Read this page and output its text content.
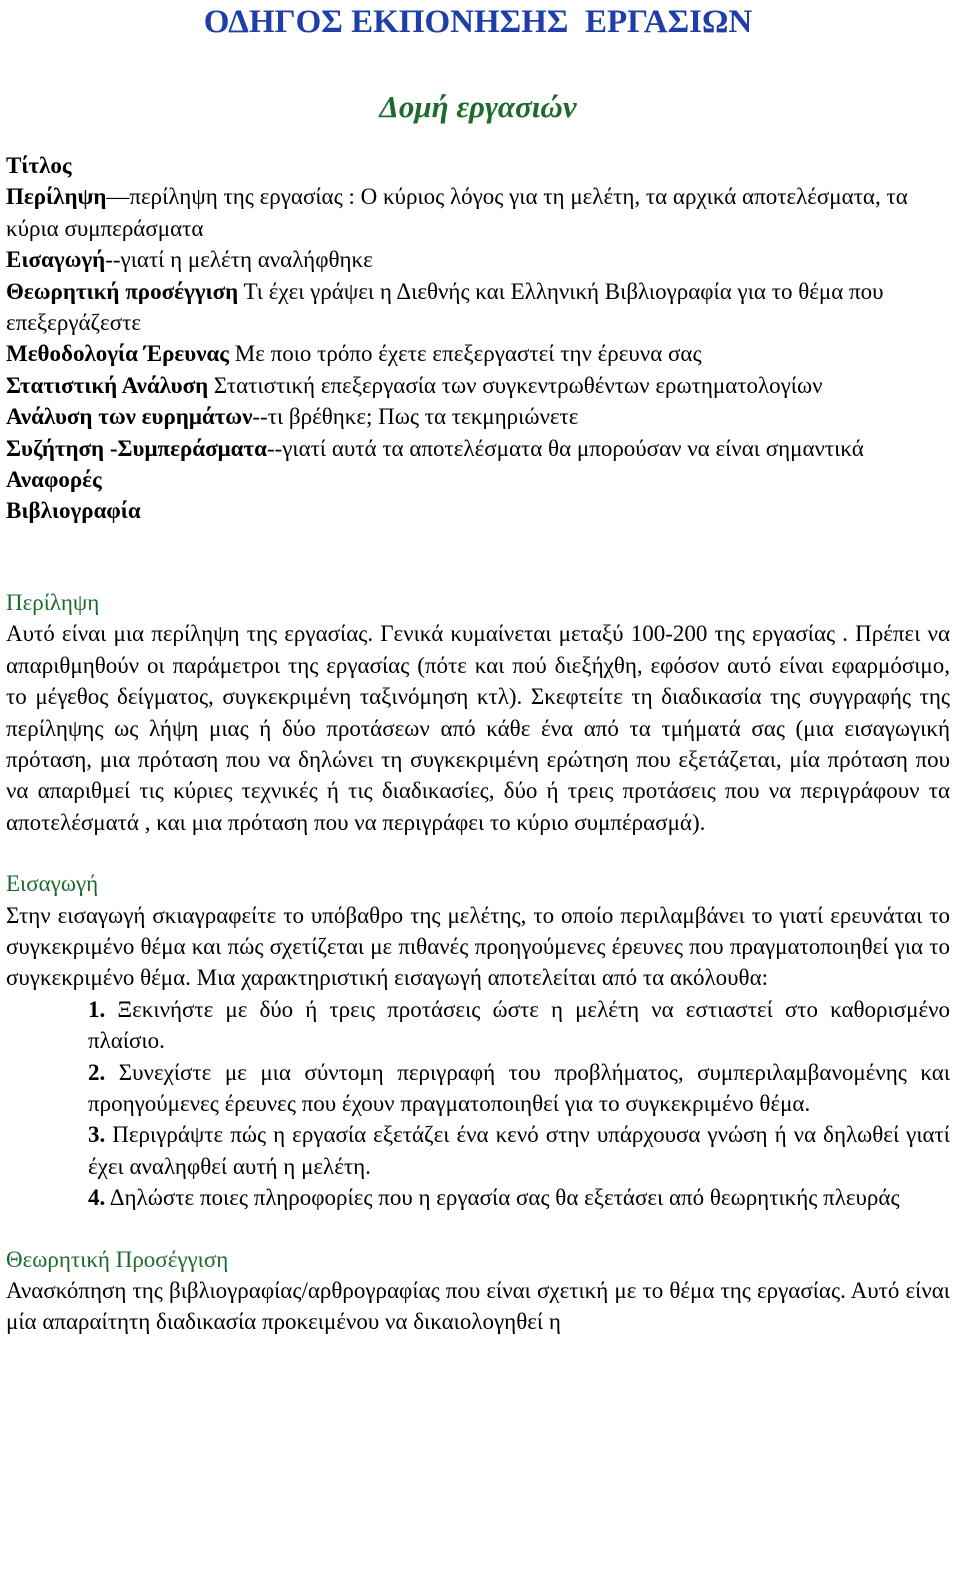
ΟΔΗΓΟΣ ΕΚΠΟΝΗΣΗΣ  ΕΡΓΑΣΙΩΝ
Δομή εργασιών

Τίτλος

Περίληψη—περίληψη της εργασίας : Ο κύριος λόγος για τη μελέτη, τα αρχικά αποτελέσματα, τα κύρια συμπεράσματα

Εισαγωγή--γιατί η μελέτη αναλήφθηκε

Θεωρητική προσέγγιση Τι έχει γράψει η Διεθνής και Ελληνική Βιβλιογραφία για το θέμα που επεξεργάζεστε

Μεθοδολογία Έρευνας Με ποιο τρόπο έχετε επεξεργαστεί την έρευνα σας

Στατιστική Ανάλυση Στατιστική επεξεργασία των συγκεντρωθέντων ερωτηματολογίων

Ανάλυση των ευρημάτων--τι βρέθηκε; Πως τα τεκμηριώνετε

Συζήτηση -Συμπεράσματα--γιατί αυτά τα αποτελέσματα θα μπορούσαν να είναι σημαντικά

Αναφορές

Βιβλιογραφία

Περίληψη

Αυτό είναι μια περίληψη της εργασίας. Γενικά κυμαίνεται μεταξύ 100-200 της εργασίας . Πρέπει να απαριθμηθούν οι παράμετροι της εργασίας (πότε και πού διεξήχθη, εφόσον αυτό είναι εφαρμόσιμο, το μέγεθος δείγματος, συγκεκριμένη ταξινόμηση κτλ). Σκεφτείτε τη διαδικασία της συγγραφής της περίληψης ως λήψη μιας ή δύο προτάσεων από κάθε ένα από τα τμήματά σας (μια εισαγωγική πρόταση, μια πρόταση που να δηλώνει τη συγκεκριμένη ερώτηση που εξετάζεται, μία πρόταση που να απαριθμεί τις κύριες τεχνικές ή τις διαδικασίες, δύο ή τρεις προτάσεις που να περιγράφουν τα αποτελέσματά , και μια πρόταση που να περιγράφει το κύριο συμπέρασμά).

Εισαγωγή

Στην εισαγωγή σκιαγραφείτε το υπόβαθρο της μελέτης, το οποίο περιλαμβάνει το γιατί ερευνάται το συγκεκριμένο θέμα και πώς σχετίζεται με πιθανές προηγούμενες έρευνες που πραγματοποιηθεί για το συγκεκριμένο θέμα. Μια χαρακτηριστική εισαγωγή αποτελείται από τα ακόλουθα:

1. Ξεκινήστε με δύο ή τρεις προτάσεις ώστε η μελέτη να εστιαστεί στο καθορισμένο πλαίσιο.
2. Συνεχίστε με μια σύντομη περιγραφή του προβλήματος, συμπεριλαμβανομένης και προηγούμενες έρευνες που έχουν πραγματοποιηθεί για το συγκεκριμένο θέμα.
3. Περιγράψτε πώς η εργασία εξετάζει ένα κενό στην υπάρχουσα γνώση ή να δηλωθεί γιατί έχει αναληφθεί αυτή η μελέτη.
4. Δηλώστε ποιες πληροφορίες που η εργασία σας θα εξετάσει από θεωρητικής πλευράς
Θεωρητική Προσέγγιση

Ανασκόπηση της βιβλιογραφίας/αρθρογραφίας που είναι σχετική με το θέμα της εργασίας. Αυτό είναι μία απαραίτητη διαδικασία προκειμένου να δικαιολογηθεί η
